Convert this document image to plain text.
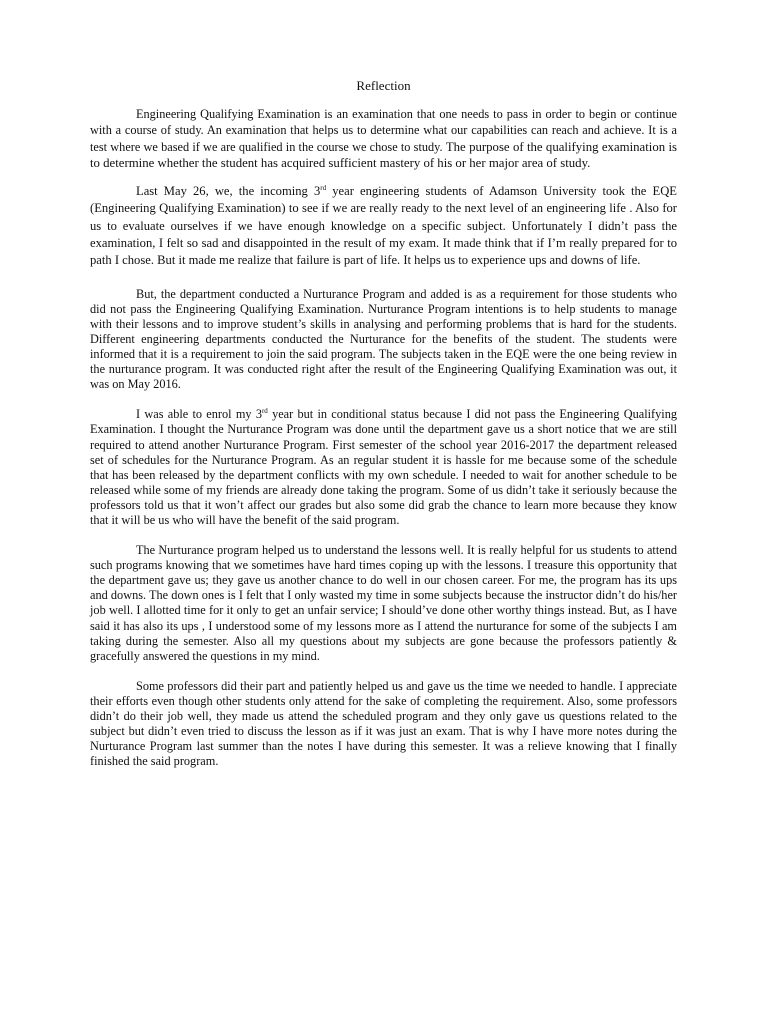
Reflection

Engineering Qualifying Examination is an examination that one needs to pass in order to begin or continue with a course of study. An examination that helps us to determine what our capabilities can reach and achieve. It is a test where we based if we are qualified in the course we chose to study. The purpose of the qualifying examination is to determine whether the student has acquired sufficient mastery of his or her major area of study.

Last May 26, we, the incoming 3rd year engineering students of Adamson University took the EQE (Engineering Qualifying Examination) to see if we are really ready to the next level of an engineering life . Also for us to evaluate ourselves if we have enough knowledge on a specific subject. Unfortunately I didn’t pass the examination, I felt so sad and disappointed in the result of my exam. It made think that if I’m really prepared for to path I chose. But it made me realize that failure is part of life. It helps us to experience ups and downs of life.

But, the department conducted a Nurturance Program and added is as a requirement for those students who did not pass the Engineering Qualifying Examination. Nurturance Program intentions is to help students to manage with their lessons and to improve student’s skills in analysing and performing problems that is hard for the students. Different engineering departments conducted the Nurturance for the benefits of the student. The students were informed that it is a requirement to join the said program. The subjects taken in the EQE were the one being review in the nurturance program. It was conducted right after the result of the Engineering Qualifying Examination was out, it was on May 2016.

I was able to enrol my 3rd year but in conditional status because I did not pass the Engineering Qualifying Examination. I thought the Nurturance Program was done until the department gave us a short notice that we are still required to attend another Nurturance Program. First semester of the school year 2016-2017 the department released set of schedules for the Nurturance Program. As an regular student it is hassle for me because some of the schedule that has been released by the department conflicts with my own schedule. I needed to wait for another schedule to be released while some of my friends are already done taking the program. Some of us didn’t take it seriously because the professors told us that it won’t affect our grades but also some did grab the chance to learn more because they know that it will be us who will have the benefit of the said program.

The Nurturance program helped us to understand the lessons well. It is really helpful for us students to attend such programs knowing that we sometimes have hard times coping up with the lessons. I treasure this opportunity that the department gave us; they gave us another chance to do well in our chosen career. For me, the program has its ups and downs. The down ones is I felt that I only wasted my time in some subjects because the instructor didn’t do his/her job well. I allotted time for it only to get an unfair service; I should’ve done other worthy things instead. But, as I have said it has also its ups , I understood some of my lessons more as I attend the nurturance for some of the subjects I am taking during the semester. Also all my questions about my subjects are gone because the professors patiently & gracefully answered the questions in my mind.

Some professors did their part and patiently helped us and gave us the time we needed to handle. I appreciate their efforts even though other students only attend for the sake of completing the requirement. Also, some professors didn’t do their job well, they made us attend the scheduled program and they only gave us questions related to the subject but didn’t even tried to discuss the lesson as if it was just an exam. That is why I have more notes during the Nurturance Program last summer than the notes I have during this semester. It was a relieve knowing that I finally finished the said program.
